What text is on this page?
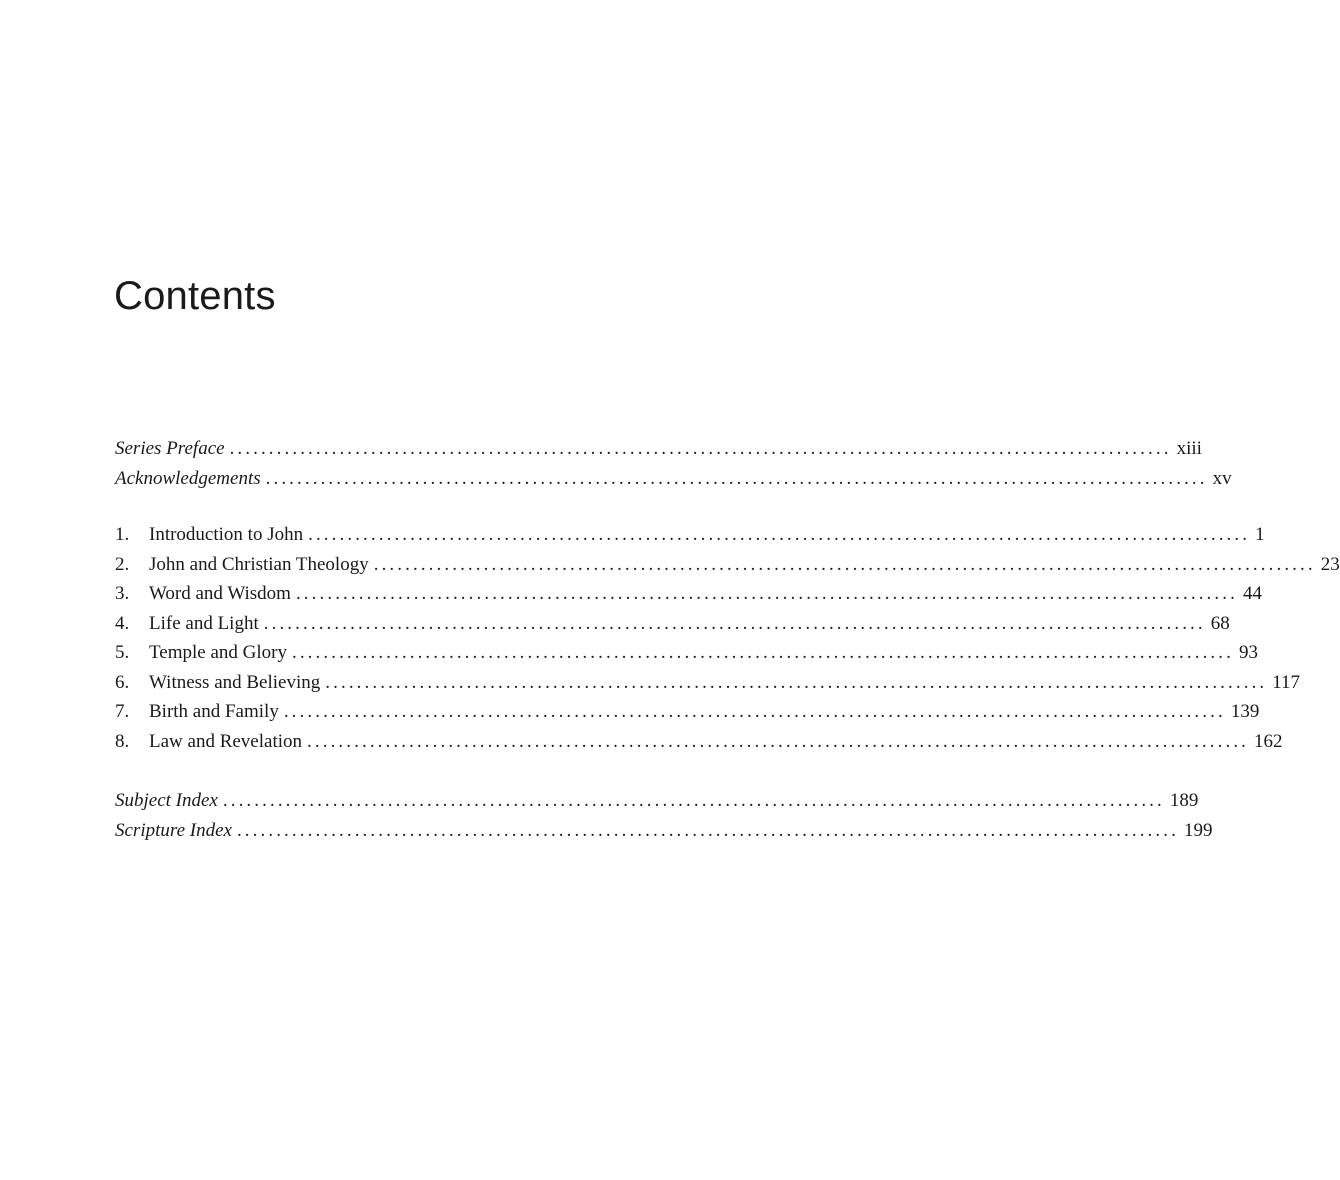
Contents
Series Preface ........................................................................................................................ xiii
Acknowledgements ........................................................................................................................ xv
1.	Introduction to John ........................................................................................................................ 1
2.	John and Christian Theology ........................................................................................................................ 23
3.	Word and Wisdom ........................................................................................................................ 44
4.	Life and Light ........................................................................................................................ 68
5.	Temple and Glory ........................................................................................................................ 93
6.	Witness and Believing ........................................................................................................................ 117
7.	Birth and Family ........................................................................................................................ 139
8.	Law and Revelation ........................................................................................................................ 162
Subject Index ........................................................................................................................ 189
Scripture Index ........................................................................................................................ 199
